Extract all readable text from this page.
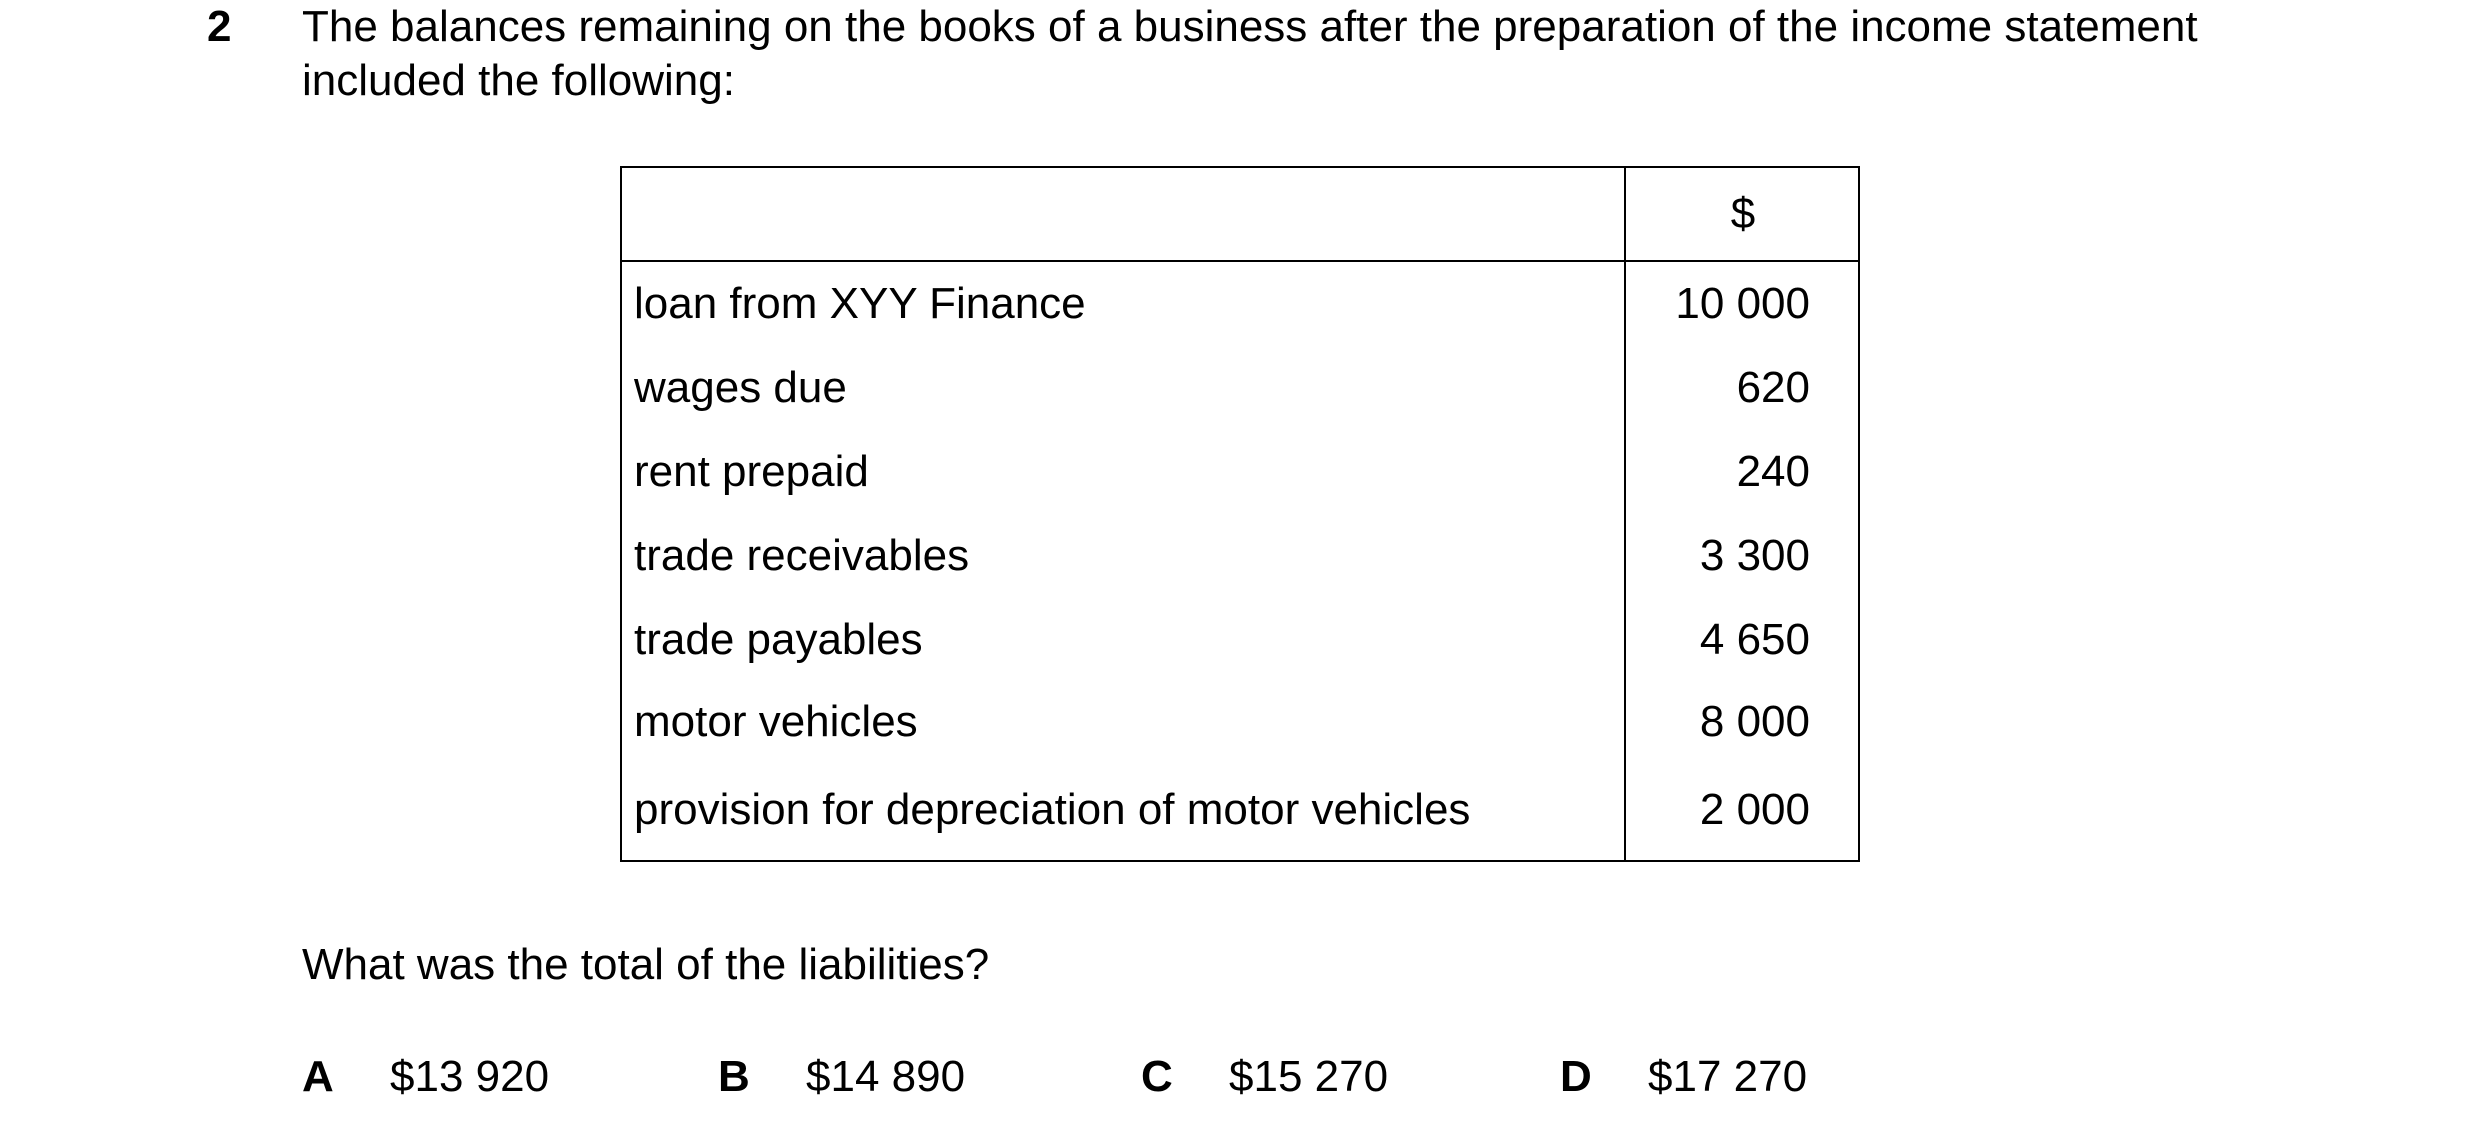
2 The balances remaining on the books of a business after the preparation of the income statement
included the following:
$
loan from XYY Finance	10 000
wages due	620
rent prepaid	240
trade receivables	3 300
trade payables	4 650
motor vehicles	8 000
provision for depreciation of motor vehicles	2 000
What was the total of the liabilities?
A $13 920	B $14 890	C $15 270	D $17 270
